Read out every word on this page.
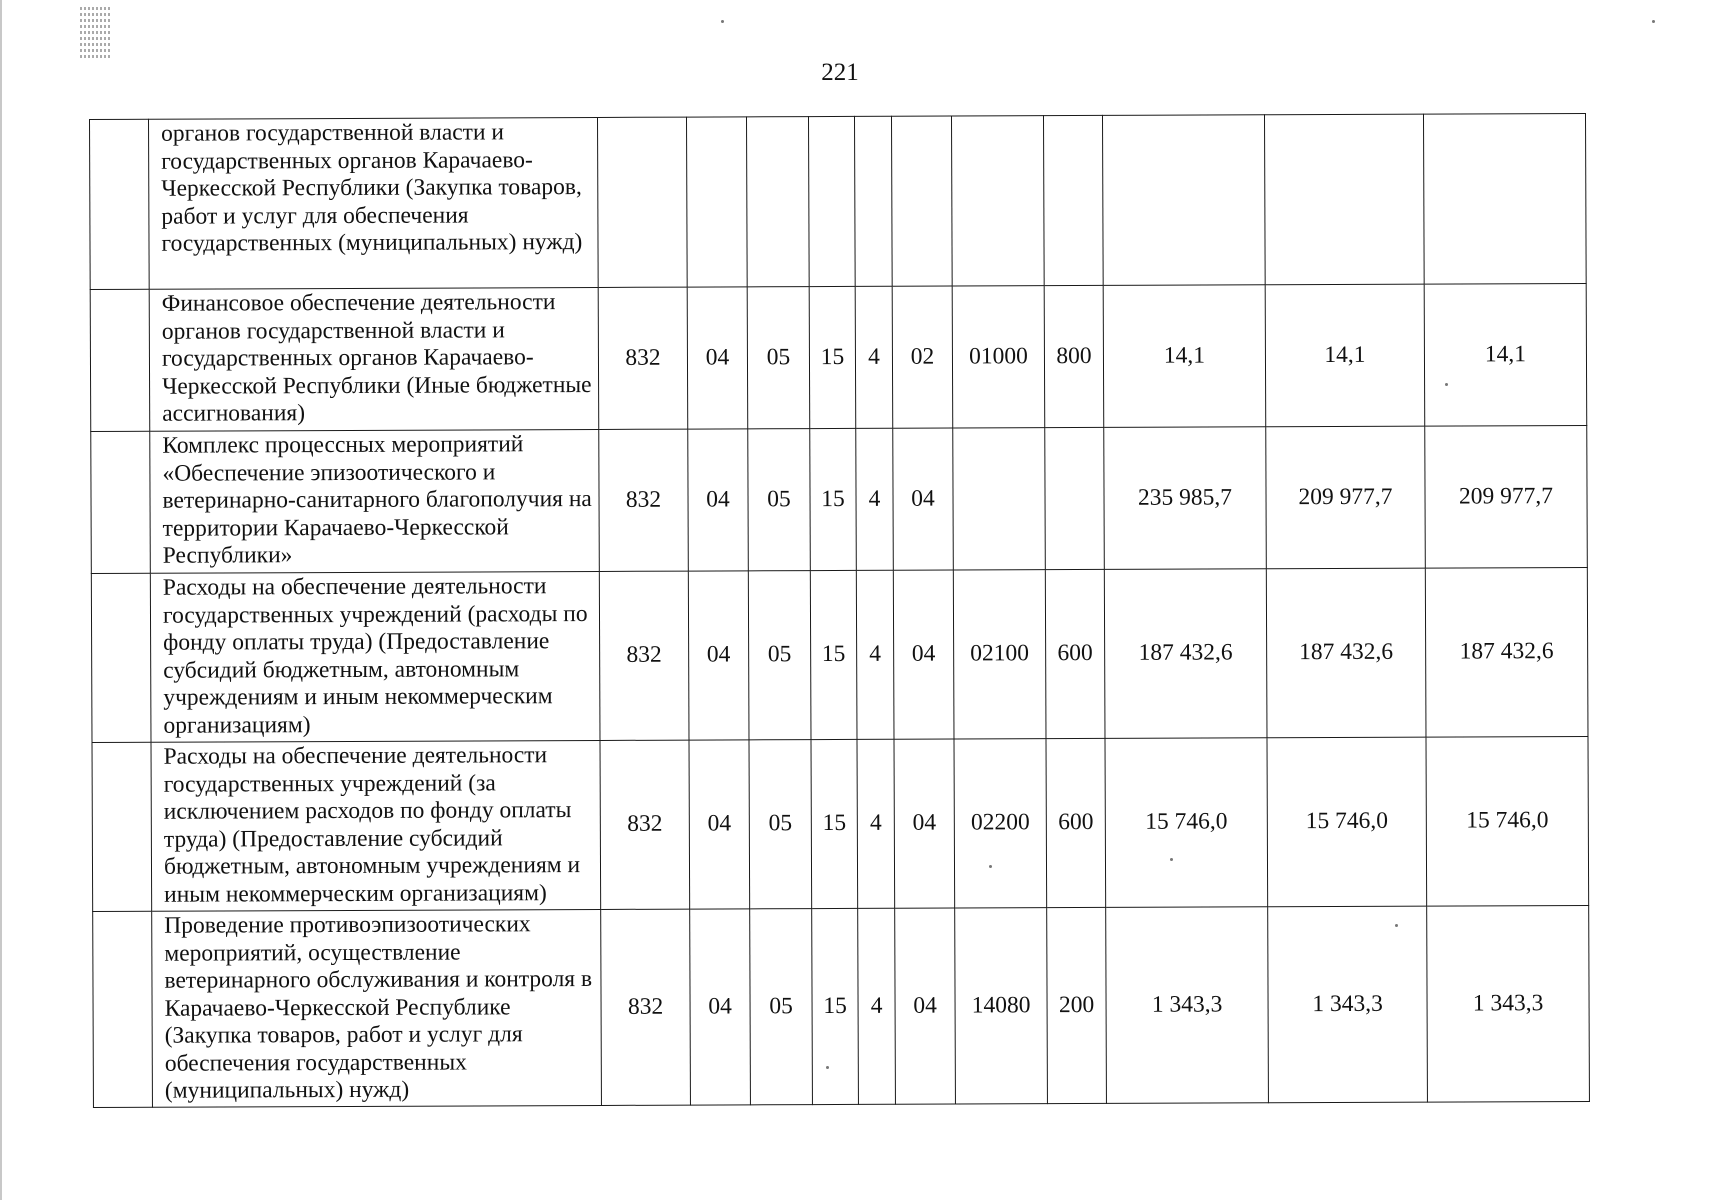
221
	органов государственной власти и государственных органов Карачаево-Черкесской Республики (Закупка товаров, работ и услуг для обеспечения государственных (муниципальных) нужд)											
	Финансовое обеспечение деятельности органов государственной власти и государственных органов Карачаево-Черкесской Республики (Иные бюджетные ассигнования)	832	04	05	15	4	02	01000	800	14,1	14,1	14,1
	Комплекс процессных мероприятий «Обеспечение эпизоотического и ветеринарно-санитарного благополучия на территории Карачаево-Черкесской Республики»	832	04	05	15	4	04			235 985,7	209 977,7	209 977,7
	Расходы на обеспечение деятельности государственных учреждений (расходы по фонду оплаты труда) (Предоставление субсидий бюджетным, автономным учреждениям и иным некоммерческим организациям)	832	04	05	15	4	04	02100	600	187 432,6	187 432,6	187 432,6
	Расходы на обеспечение деятельности государственных учреждений (за исключением расходов по фонду оплаты труда) (Предоставление субсидий бюджетным, автономным учреждениям и иным некоммерческим организациям)	832	04	05	15	4	04	02200	600	15 746,0	15 746,0	15 746,0
	Проведение противоэпизоотических мероприятий, осуществление ветеринарного обслуживания и контроля в Карачаево-Черкесской Республике (Закупка товаров, работ и услуг для обеспечения государственных (муниципальных) нужд)	832	04	05	15	4	04	14080	200	1 343,3	1 343,3	1 343,3
